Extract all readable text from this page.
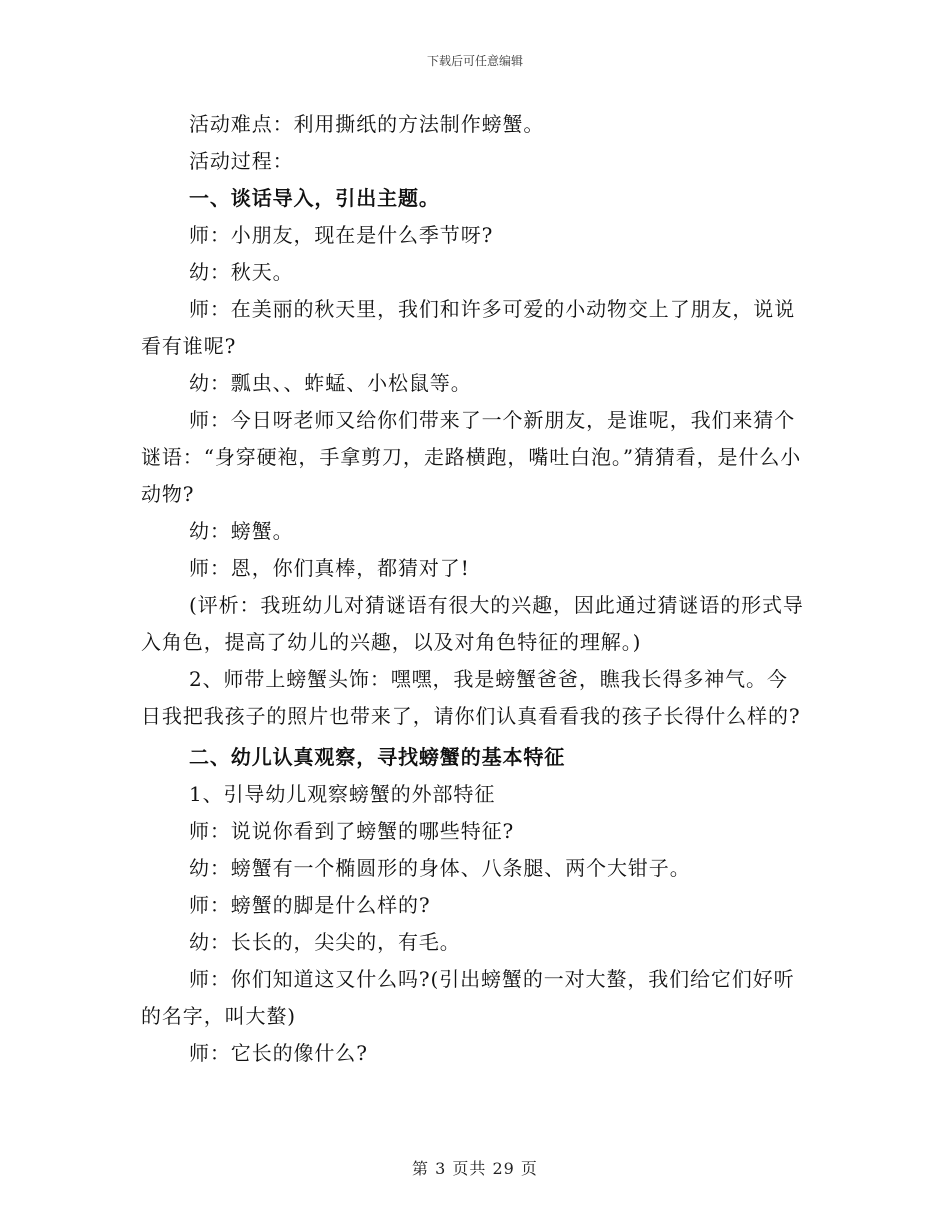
下载后可任意编辑

活动难点：利用撕纸的方法制作螃蟹。

活动过程：

一、谈话导入，引出主题。

师：小朋友，现在是什么季节呀?

幼：秋天。

师：在美丽的秋天里，我们和许多可爱的小动物交上了朋友，说说看有谁呢?

幼：瓢虫、、蚱蜢、小松鼠等。

师：今日呀老师又给你们带来了一个新朋友，是谁呢，我们来猜个谜语：“身穿硬袍，手拿剪刀，走路横跑，嘴吐白泡。”猜猜看，是什么小动物?

幼：螃蟹。

师：恩，你们真棒，都猜对了!

(评析：我班幼儿对猜谜语有很大的兴趣，因此通过猜谜语的形式导入角色，提高了幼儿的兴趣，以及对角色特征的理解。)

2、师带上螃蟹头饰：嘿嘿，我是螃蟹爸爸，瞧我长得多神气。今日我把我孩子的照片也带来了，请你们认真看看我的孩子长得什么样的?

二、幼儿认真观察，寻找螃蟹的基本特征

1、引导幼儿观察螃蟹的外部特征

师：说说你看到了螃蟹的哪些特征?

幼：螃蟹有一个椭圆形的身体、八条腿、两个大钳子。

师：螃蟹的脚是什么样的?

幼：长长的，尖尖的，有毛。

师：你们知道这又什么吗?(引出螃蟹的一对大螯，我们给它们好听的名字，叫大螯)

师：它长的像什么?

第 3 页共 29 页
